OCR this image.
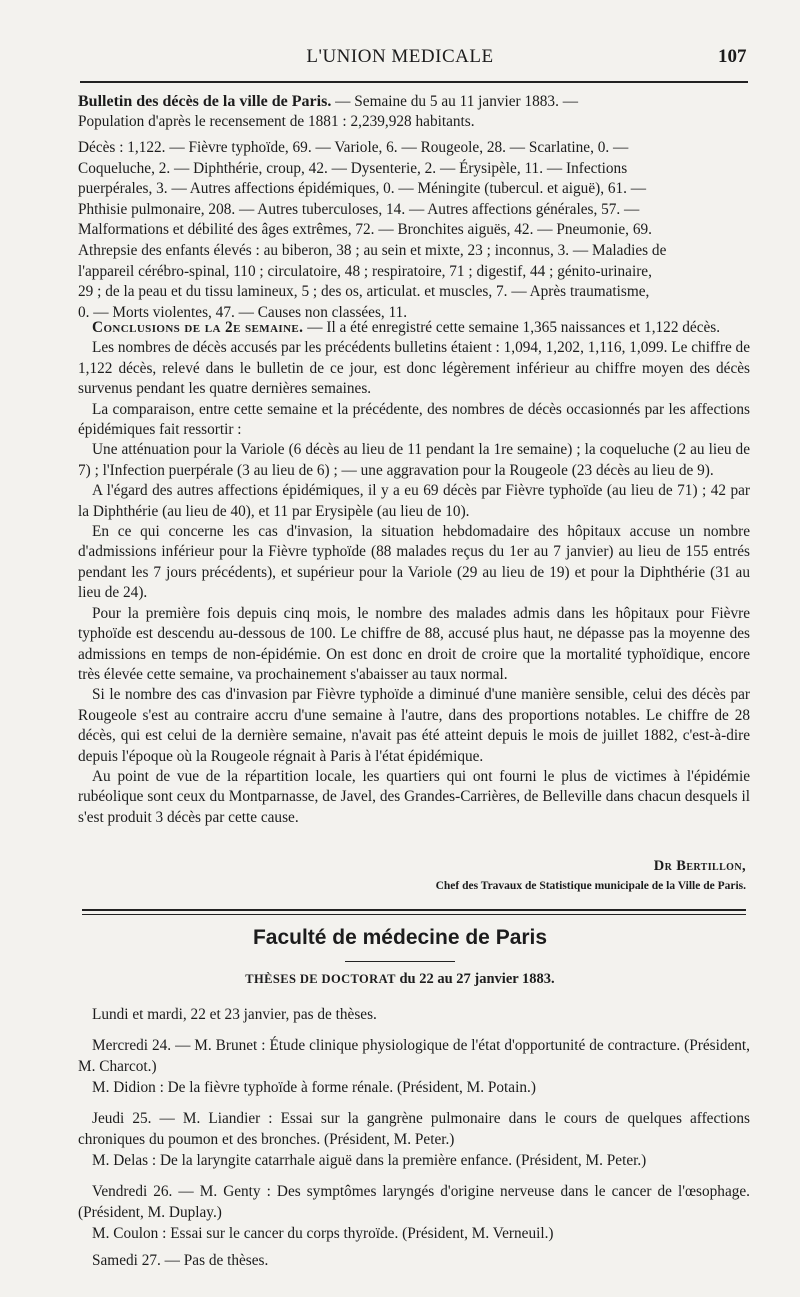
L'UNION MEDICALE	107

Bulletin des décès de la ville de Paris. — Semaine du 5 au 11 janvier 1883. —

Population d'après le recensement de 1881 : 2,239,928 habitants.

Décès : 1,122. — Fièvre typhoïde, 69. — Variole, 6. — Rougeole, 28. — Scarlatine, 0. —

Coqueluche, 2. — Diphthérie, croup, 42. — Dysenterie, 2. — Érysipèle, 11. — Infections

puerpérales, 3. — Autres affections épidémiques, 0. — Méningite (tubercul. et aiguë), 61. —

Phthisie pulmonaire, 208. — Autres tuberculoses, 14. — Autres affections générales, 57. —

Malformations et débilité des âges extrêmes, 72. — Bronchites aiguës, 42. — Pneumonie, 69.

Athrepsie des enfants élevés : au biberon, 38 ; au sein et mixte, 23 ; inconnus, 3. — Maladies de

l'appareil cérébro-spinal, 110 ; circulatoire, 48 ; respiratoire, 71 ; digestif, 44 ; génito-urinaire,

29 ; de la peau et du tissu lamineux, 5 ; des os, articulat. et muscles, 7. — Après traumatisme,

0. — Morts violentes, 47. — Causes non classées, 11.

Conclusions de la 2e semaine. — Il a été enregistré cette semaine 1,365 naissances et 1,122 décès.

Les nombres de décès accusés par les précédents bulletins étaient : 1,094, 1,202, 1,116, 1,099. Le chiffre de 1,122 décès, relevé dans le bulletin de ce jour, est donc légèrement inférieur au chiffre moyen des décès survenus pendant les quatre dernières semaines.

La comparaison, entre cette semaine et la précédente, des nombres de décès occasionnés par les affections épidémiques fait ressortir :

Une atténuation pour la Variole (6 décès au lieu de 11 pendant la 1re semaine) ; la coqueluche (2 au lieu de 7) ; l'Infection puerpérale (3 au lieu de 6) ; — une aggravation pour la Rougeole (23 décès au lieu de 9).

A l'égard des autres affections épidémiques, il y a eu 69 décès par Fièvre typhoïde (au lieu de 71) ; 42 par la Diphthérie (au lieu de 40), et 11 par Erysipèle (au lieu de 10).

En ce qui concerne les cas d'invasion, la situation hebdomadaire des hôpitaux accuse un nombre d'admissions inférieur pour la Fièvre typhoïde (88 malades reçus du 1er au 7 janvier) au lieu de 155 entrés pendant les 7 jours précédents), et supérieur pour la Variole (29 au lieu de 19) et pour la Diphthérie (31 au lieu de 24).

Pour la première fois depuis cinq mois, le nombre des malades admis dans les hôpitaux pour Fièvre typhoïde est descendu au-dessous de 100. Le chiffre de 88, accusé plus haut, ne dépasse pas la moyenne des admissions en temps de non-épidémie. On est donc en droit de croire que la mortalité typhoïdique, encore très élevée cette semaine, va prochainement s'abaisser au taux normal.

Si le nombre des cas d'invasion par Fièvre typhoïde a diminué d'une manière sensible, celui des décès par Rougeole s'est au contraire accru d'une semaine à l'autre, dans des proportions notables. Le chiffre de 28 décès, qui est celui de la dernière semaine, n'avait pas été atteint depuis le mois de juillet 1882, c'est-à-dire depuis l'époque où la Rougeole régnait à Paris à l'état épidémique.

Au point de vue de la répartition locale, les quartiers qui ont fourni le plus de victimes à l'épidémie rubéolique sont ceux du Montparnasse, de Javel, des Grandes-Carrières, de Belleville dans chacun desquels il s'est produit 3 décès par cette cause.

Dr Bertillon,
Chef des Travaux de Statistique municipale de la Ville de Paris.
Faculté de médecine de Paris
THÈSES DE DOCTORAT du 22 au 27 janvier 1883.

Lundi et mardi, 22 et 23 janvier, pas de thèses.

Mercredi 24. — M. Brunet : Étude clinique physiologique de l'état d'opportunité de contracture. (Président, M. Charcot.)

M. Didion : De la fièvre typhoïde à forme rénale. (Président, M. Potain.)

Jeudi 25. — M. Liandier : Essai sur la gangrène pulmonaire dans le cours de quelques affections chroniques du poumon et des bronches. (Président, M. Peter.)

M. Delas : De la laryngite catarrhale aiguë dans la première enfance. (Président, M. Peter.)

Vendredi 26. — M. Genty : Des symptômes laryngés d'origine nerveuse dans le cancer de l'œsophage. (Président, M. Duplay.)

M. Coulon : Essai sur le cancer du corps thyroïde. (Président, M. Verneuil.)

Samedi 27. — Pas de thèses.
